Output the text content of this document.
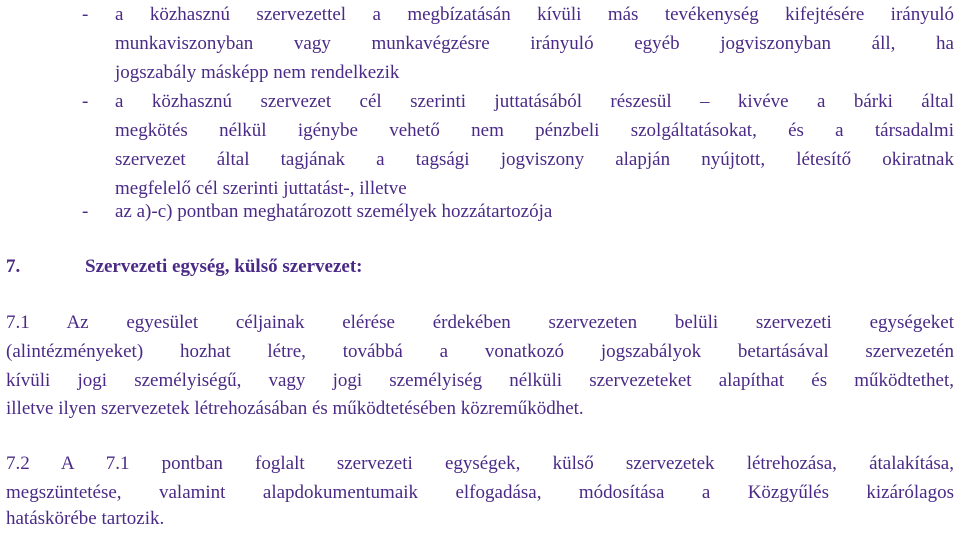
- a közhasznú szervezettel a megbízatásán kívüli más tevékenység kifejtésére irányuló
munkaviszonyban vagy munkavégzésre irányuló egyéb jogviszonyban áll, ha
jogszabály másképp nem rendelkezik
- a közhasznú szervezet cél szerinti juttatásából részesül – kivéve a bárki által
megkötés nélkül igénybe vehető nem pénzbeli szolgáltatásokat, és a társadalmi
szervezet által tagjának a tagsági jogviszony alapján nyújtott, létesítő okiratnak
megfelelő cél szerinti juttatást-, illetve
- az a)-c) pontban meghatározott személyek hozzátartozója
7.	Szervezeti egység, külső szervezet:
7.1 Az egyesület céljainak elérése érdekében szervezeten belüli szervezeti egységeket
(alintézményeket) hozhat létre, továbbá a vonatkozó jogszabályok betartásával szervezetén
kívüli jogi személyiségű, vagy jogi személyiség nélküli szervezeteket alapíthat és működtethet,
illetve ilyen szervezetek létrehozásában és működtetésében közreműködhet.
7.2 A 7.1 pontban foglalt szervezeti egységek, külső szervezetek létrehozása, átalakítása,
megszüntetése, valamint alapdokumentumaik elfogadása, módosítása a Közgyűlés kizárólagos
hatáskörébe tartozik.
